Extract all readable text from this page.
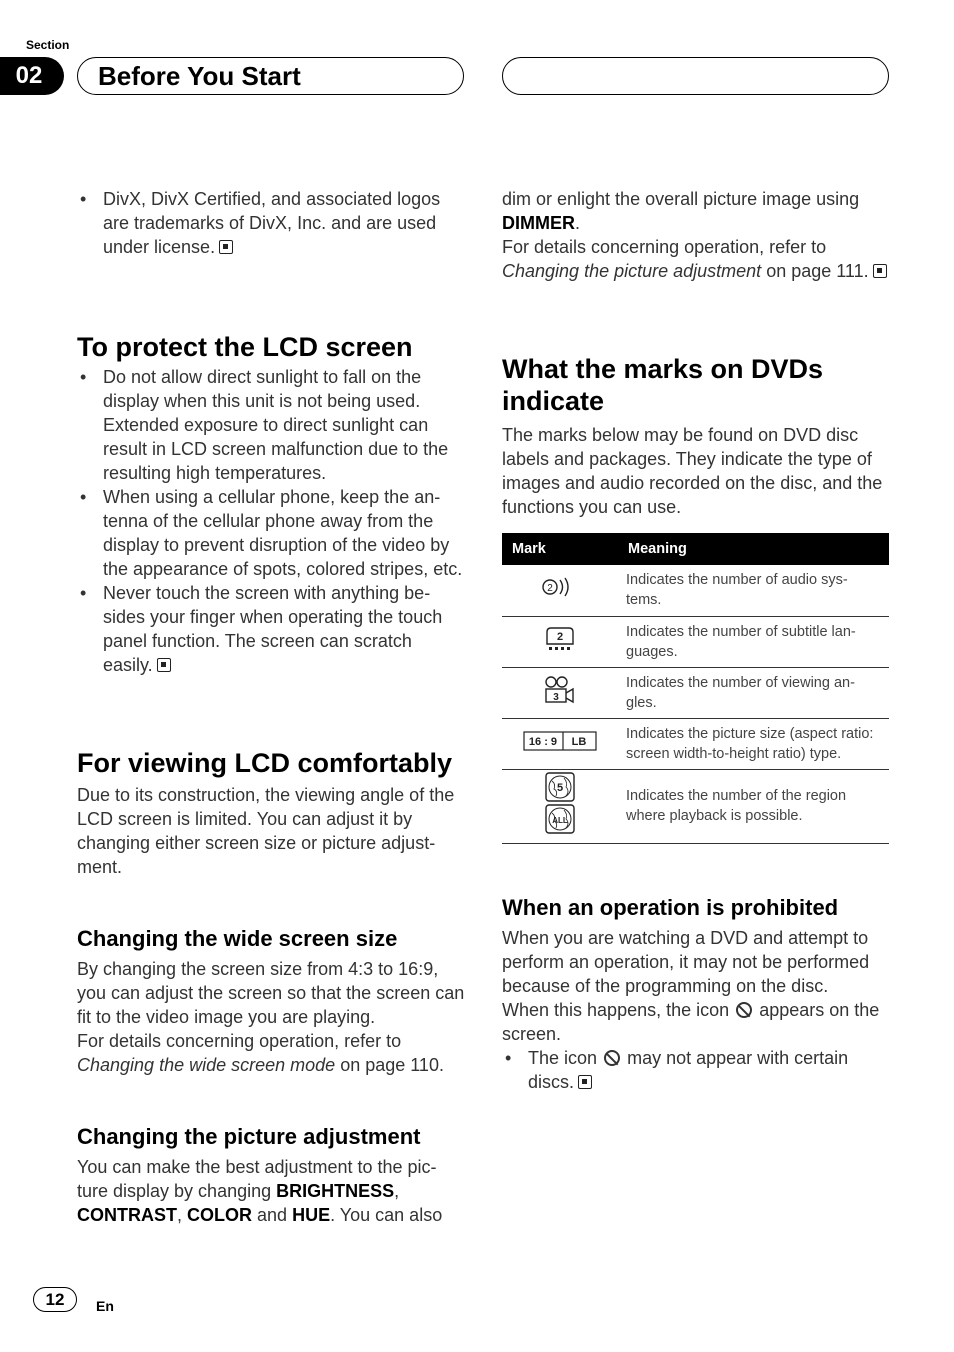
Section
02	Before You Start
• DivX, DivX Certified, and associated logos are trademarks of DivX, Inc. and are used under license.
To protect the LCD screen
• Do not allow direct sunlight to fall on the display when this unit is not being used. Extended exposure to direct sunlight can result in LCD screen malfunction due to the resulting high temperatures.
• When using a cellular phone, keep the an-tenna of the cellular phone away from the display to prevent disruption of the video by the appearance of spots, colored stripes, etc.
• Never touch the screen with anything be-sides your finger when operating the touch panel function. The screen can scratch easily.
For viewing LCD comfortably

Due to its construction, the viewing angle of the LCD screen is limited. You can adjust it by changing either screen size or picture adjust-ment.

Changing the wide screen size

By changing the screen size from 4:3 to 16:9, you can adjust the screen so that the screen can fit to the video image you are playing.

For details concerning operation, refer to Changing the wide screen mode on page 110.

Changing the picture adjustment

You can make the best adjustment to the pic-ture display by changing BRIGHTNESS, CONTRAST, COLOR and HUE. You can also

dim or enlight the overall picture image using DIMMER.

For details concerning operation, refer to Changing the picture adjustment on page 111.

What the marks on DVDs indicate

The marks below may be found on DVD disc labels and packages. They indicate the type of images and audio recorded on the disc, and the functions you can use.

Mark	Meaning

2	Indicates the number of audio sys-tems.

2	Indicates the number of subtitle lan-guages.

3	Indicates the number of viewing an-gles.

16 : 9 LB	Indicates the picture size (aspect ratio: screen width-to-height ratio) type.

5
ALL	Indicates the number of the region where playback is possible.
When an operation is prohibited

When you are watching a DVD and attempt to perform an operation, it may not be performed because of the programming on the disc.

When this happens, the icon appears on the screen.

• The icon may not appear with certain discs.
12	En
